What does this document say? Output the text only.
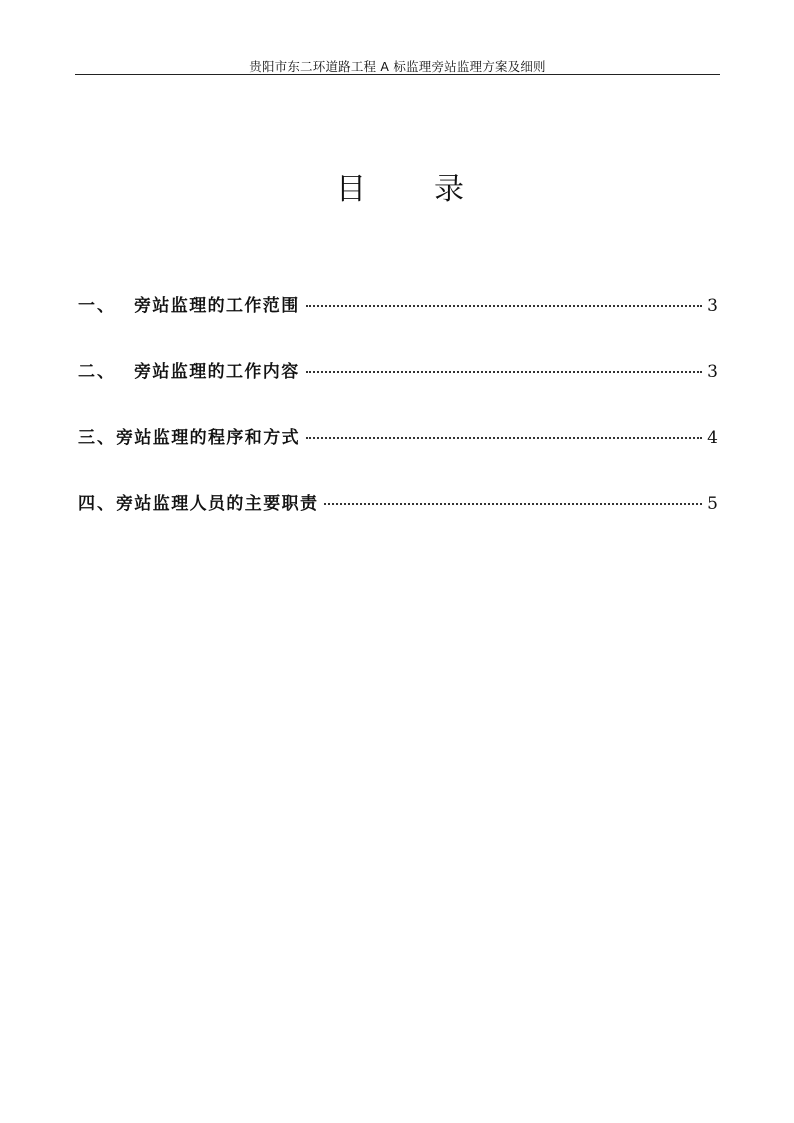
贵阳市东二环道路工程 A 标监理旁站监理方案及细则
目 录
一、	旁站监理的工作范围	3
二、	旁站监理的工作内容	3
三、 旁站监理的程序和方式	4
四、 旁站监理人员的主要职责	5
